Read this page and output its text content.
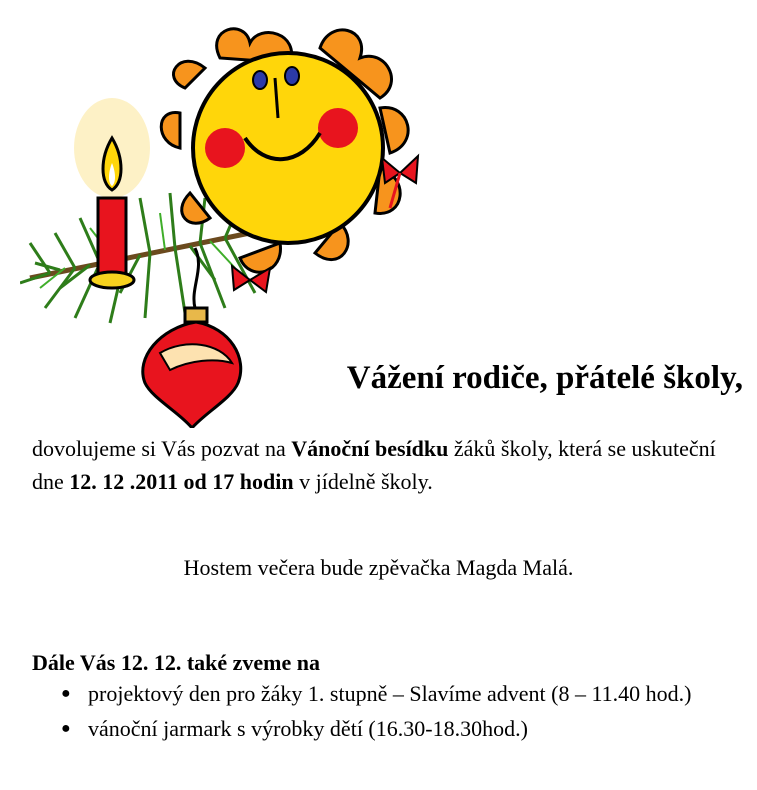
Vážení rodiče, přátelé školy,

dovolujeme si Vás pozvat na Vánoční besídku žáků školy, která se uskuteční dne 12. 12 .2011 od 17 hodin v jídelně školy.

Hostem večera bude zpěvačka Magda Malá.
Dále Vás 12. 12. také zveme na
● projektový den pro žáky 1. stupně – Slavíme advent (8 – 11.40 hod.)
● vánoční jarmark s výrobky dětí (16.30-18.30hod.)
